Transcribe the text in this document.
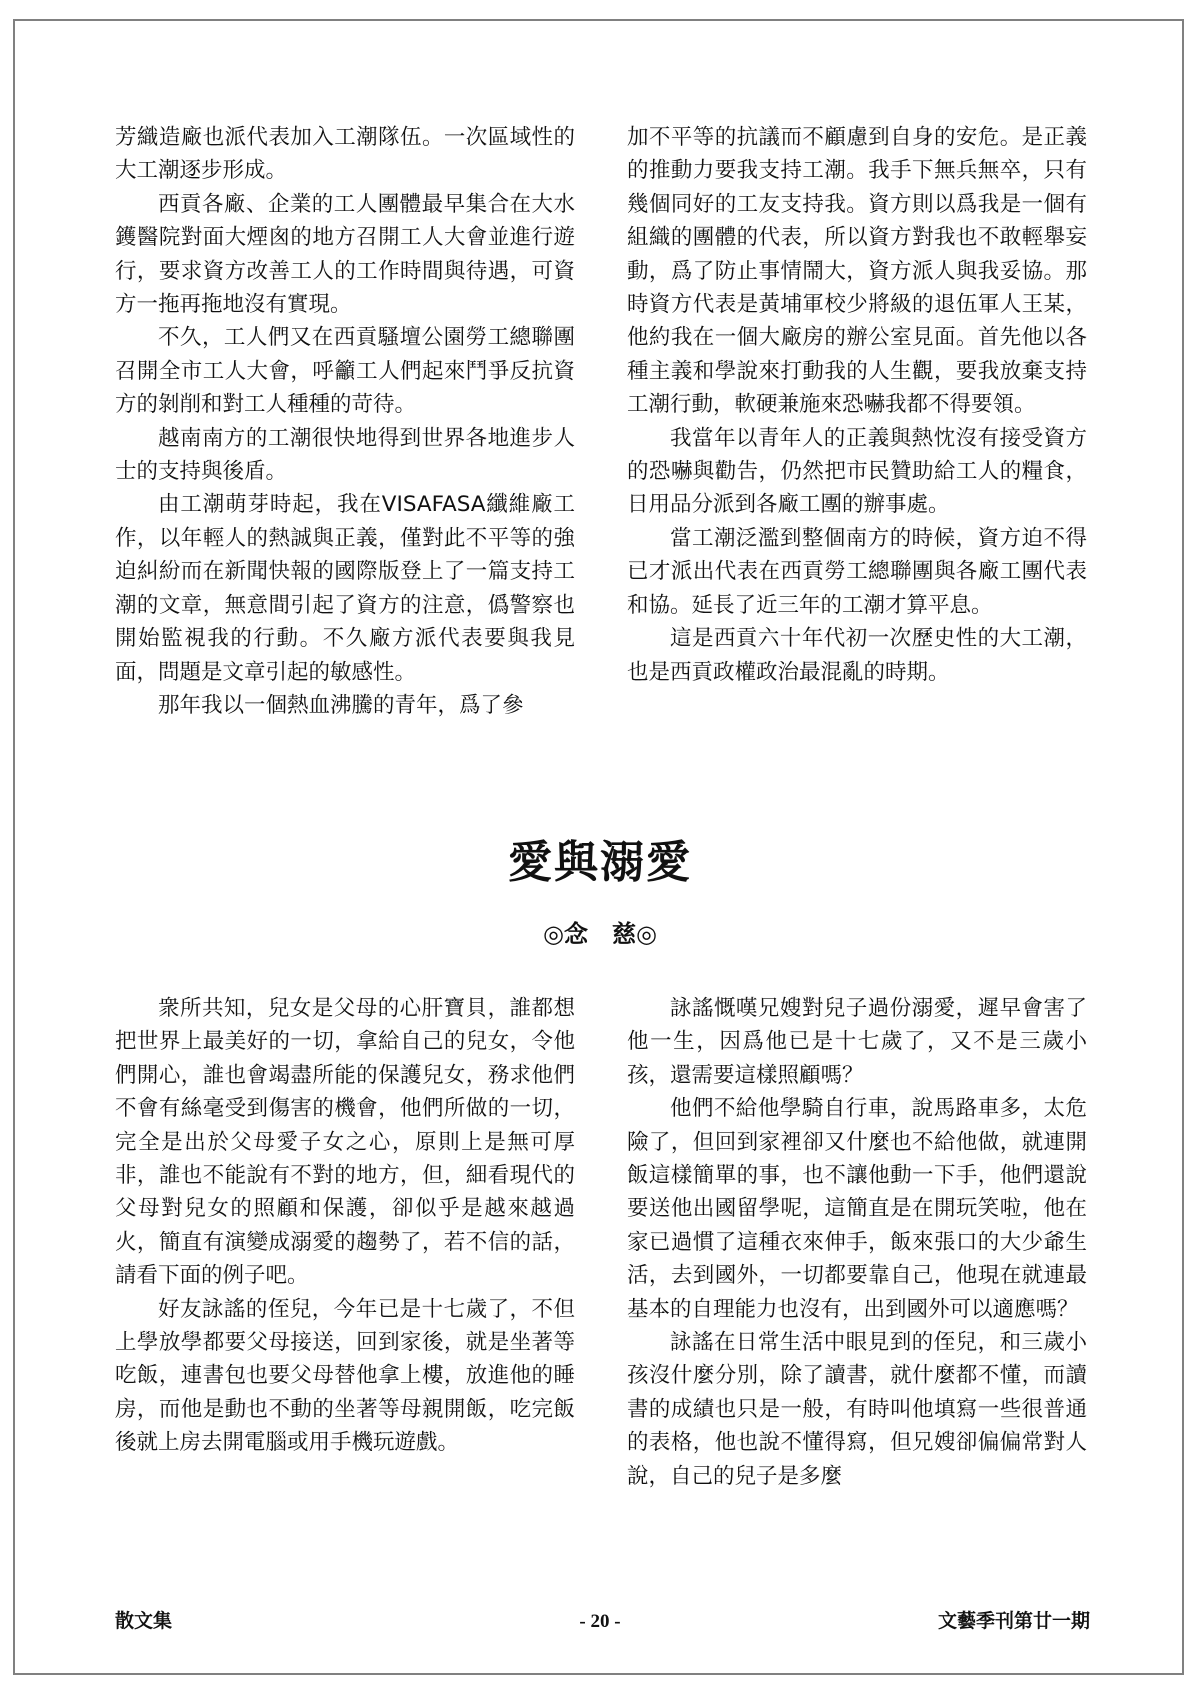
芳織造廠也派代表加入工潮隊伍。一次區域性的大工潮逐步形成。

西貢各廠、企業的工人團體最早集合在大水鑊醫院對面大煙囪的地方召開工人大會並進行遊行，要求資方改善工人的工作時間與待遇，可資方一拖再拖地沒有實現。

不久，工人們又在西貢騷壇公園勞工總聯團召開全市工人大會，呼籲工人們起來鬥爭反抗資方的剝削和對工人種種的苛待。

越南南方的工潮很快地得到世界各地進步人士的支持與後盾。

由工潮萌芽時起，我在VISAFASA纖維廠工作，以年輕人的熱誠與正義，僅對此不平等的強迫糾紛而在新聞快報的國際版登上了一篇支持工潮的文章，無意間引起了資方的注意，僞警察也開始監視我的行動。不久廠方派代表要與我見面，問題是文章引起的敏感性。

那年我以一個熱血沸騰的青年，爲了參

加不平等的抗議而不顧慮到自身的安危。是正義的推動力要我支持工潮。我手下無兵無卒，只有幾個同好的工友支持我。資方則以爲我是一個有組織的團體的代表，所以資方對我也不敢輕舉妄動，爲了防止事情鬧大，資方派人與我妥協。那時資方代表是黃埔軍校少將級的退伍軍人王某，他約我在一個大廠房的辦公室見面。首先他以各種主義和學說來打動我的人生觀，要我放棄支持工潮行動，軟硬兼施來恐嚇我都不得要領。

我當年以青年人的正義與熱忱沒有接受資方的恐嚇與勸告，仍然把市民贊助給工人的糧食，日用品分派到各廠工團的辦事處。

當工潮泛濫到整個南方的時候，資方迫不得已才派出代表在西貢勞工總聯團與各廠工團代表和協。延長了近三年的工潮才算平息。

這是西貢六十年代初一次歷史性的大工潮，也是西貢政權政治最混亂的時期。

愛與溺愛
◎念 慈◎

衆所共知，兒女是父母的心肝寶貝，誰都想把世界上最美好的一切，拿給自己的兒女，令他們開心，誰也會竭盡所能的保護兒女，務求他們不會有絲毫受到傷害的機會，他們所做的一切，完全是出於父母愛子女之心，原則上是無可厚非，誰也不能說有不對的地方，但，細看現代的父母對兒女的照顧和保護，卻似乎是越來越過火，簡直有演變成溺愛的趨勢了，若不信的話，請看下面的例子吧。

好友詠謠的侄兒，今年已是十七歲了，不但上學放學都要父母接送，回到家後，就是坐著等吃飯，連書包也要父母替他拿上樓，放進他的睡房，而他是動也不動的坐著等母親開飯，吃完飯後就上房去開電腦或用手機玩遊戲。

詠謠慨嘆兄嫂對兒子過份溺愛，遲早會害了他一生，因爲他已是十七歲了，又不是三歲小孩，還需要這樣照顧嗎？

他們不給他學騎自行車，說馬路車多，太危險了，但回到家裡卻又什麼也不給他做，就連開飯這樣簡單的事，也不讓他動一下手，他們還說要送他出國留學呢，這簡直是在開玩笑啦，他在家已過慣了這種衣來伸手，飯來張口的大少爺生活，去到國外，一切都要靠自己，他現在就連最基本的自理能力也沒有，出到國外可以適應嗎？

詠謠在日常生活中眼見到的侄兒，和三歲小孩沒什麼分別，除了讀書，就什麼都不懂，而讀書的成績也只是一般，有時叫他填寫一些很普通的表格，他也說不懂得寫，但兄嫂卻偏偏常對人說，自己的兒子是多麼

散文集	- 20 -	文藝季刊第廿一期
